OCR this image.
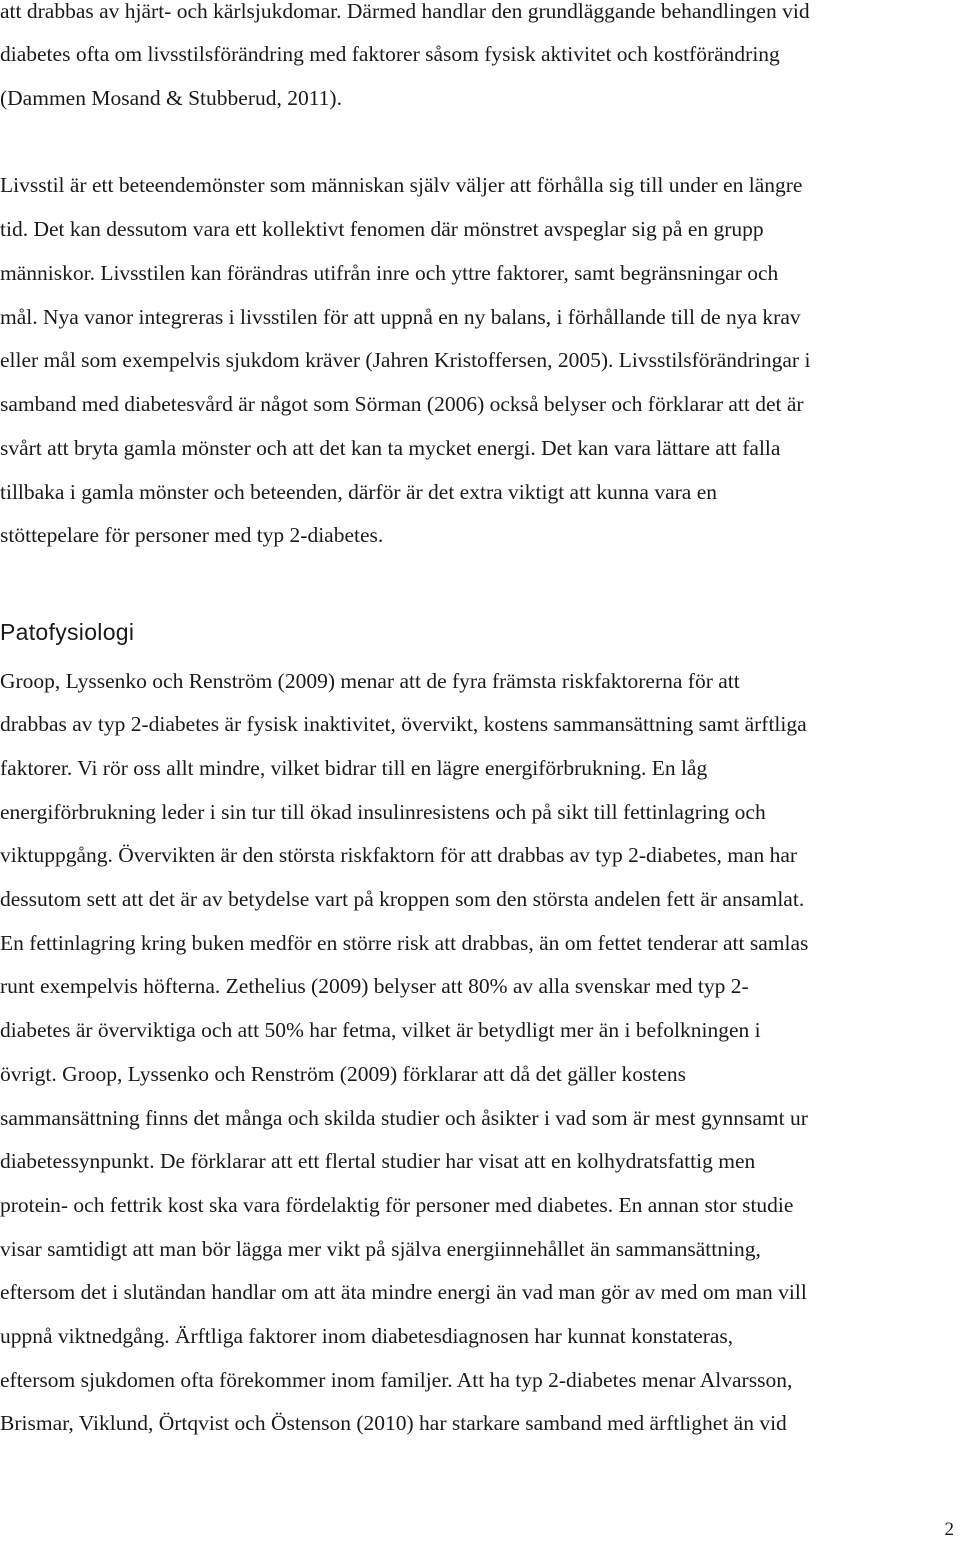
att drabbas av hjärt- och kärlsjukdomar. Därmed handlar den grundläggande behandlingen vid
diabetes ofta om livsstilsförändring med faktorer såsom fysisk aktivitet och kostförändring
(Dammen Mosand & Stubberud, 2011).
Livsstil är ett beteendemönster som människan själv väljer att förhålla sig till under en längre
tid. Det kan dessutom vara ett kollektivt fenomen där mönstret avspeglar sig på en grupp
människor. Livsstilen kan förändras utifrån inre och yttre faktorer, samt begränsningar och
mål. Nya vanor integreras i livsstilen för att uppnå en ny balans, i förhållande till de nya krav
eller mål som exempelvis sjukdom kräver (Jahren Kristoffersen, 2005). Livsstilsförändringar i
samband med diabetesvård är något som Sörman (2006) också belyser och förklarar att det är
svårt att bryta gamla mönster och att det kan ta mycket energi. Det kan vara lättare att falla
tillbaka i gamla mönster och beteenden, därför är det extra viktigt att kunna vara en
stöttepelare för personer med typ 2-diabetes.
Patofysiologi
Groop, Lyssenko och Renström (2009) menar att de fyra främsta riskfaktorerna för att
drabbas av typ 2-diabetes är fysisk inaktivitet, övervikt, kostens sammansättning samt ärftliga
faktorer. Vi rör oss allt mindre, vilket bidrar till en lägre energiförbrukning. En låg
energiförbrukning leder i sin tur till ökad insulinresistens och på sikt till fettinlagring och
viktuppgång. Övervikten är den största riskfaktorn för att drabbas av typ 2-diabetes, man har
dessutom sett att det är av betydelse vart på kroppen som den största andelen fett är ansamlat.
En fettinlagring kring buken medför en större risk att drabbas, än om fettet tenderar att samlas
runt exempelvis höfterna. Zethelius (2009) belyser att 80% av alla svenskar med typ 2-
diabetes är överviktiga och att 50% har fetma, vilket är betydligt mer än i befolkningen i
övrigt. Groop, Lyssenko och Renström (2009) förklarar att då det gäller kostens
sammansättning finns det många och skilda studier och åsikter i vad som är mest gynnsamt ur
diabetessynpunkt. De förklarar att ett flertal studier har visat att en kolhydratsfattig men
protein- och fettrik kost ska vara fördelaktig för personer med diabetes. En annan stor studie
visar samtidigt att man bör lägga mer vikt på själva energiinnehållet än sammansättning,
eftersom det i slutändan handlar om att äta mindre energi än vad man gör av med om man vill
uppnå viktnedgång. Ärftliga faktorer inom diabetesdiagnosen har kunnat konstateras,
eftersom sjukdomen ofta förekommer inom familjer. Att ha typ 2-diabetes menar Alvarsson,
Brismar, Viklund, Örtqvist och Östenson (2010) har starkare samband med ärftlighet än vid
2
